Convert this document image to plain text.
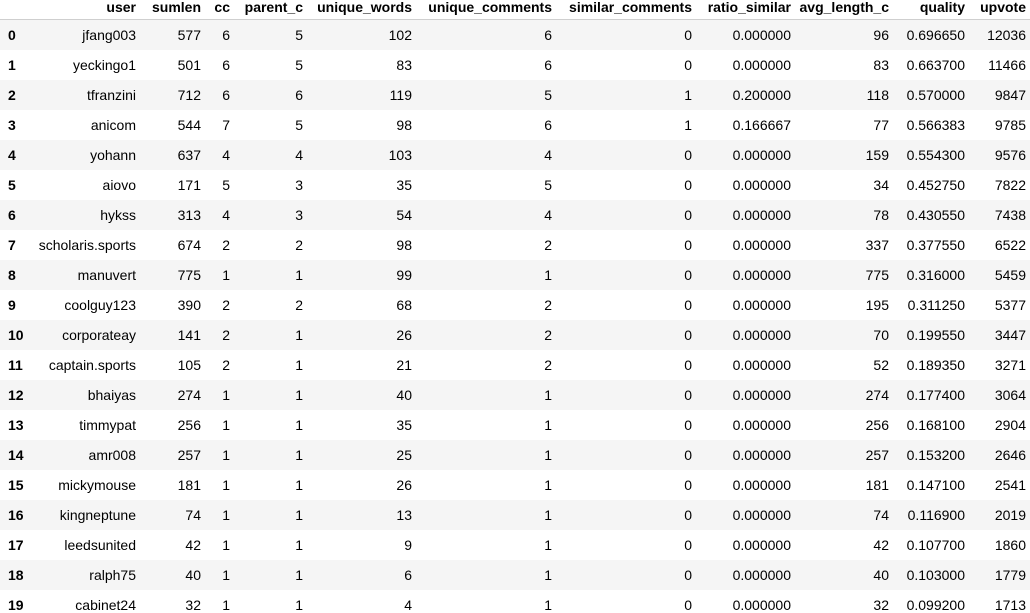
	user	sumlen	cc	parent_c	unique_words	unique_comments	similar_comments	ratio_similar	avg_length_c	quality	upvote
0	jfang003	577	6	5	102	6	0	0.000000	96	0.696650	12036
1	yeckingo1	501	6	5	83	6	0	0.000000	83	0.663700	11466
2	tfranzini	712	6	6	119	5	1	0.200000	118	0.570000	9847
3	anicom	544	7	5	98	6	1	0.166667	77	0.566383	9785
4	yohann	637	4	4	103	4	0	0.000000	159	0.554300	9576
5	aiovo	171	5	3	35	5	0	0.000000	34	0.452750	7822
6	hykss	313	4	3	54	4	0	0.000000	78	0.430550	7438
7	scholaris.sports	674	2	2	98	2	0	0.000000	337	0.377550	6522
8	manuvert	775	1	1	99	1	0	0.000000	775	0.316000	5459
9	coolguy123	390	2	2	68	2	0	0.000000	195	0.311250	5377
10	corporateay	141	2	1	26	2	0	0.000000	70	0.199550	3447
11	captain.sports	105	2	1	21	2	0	0.000000	52	0.189350	3271
12	bhaiyas	274	1	1	40	1	0	0.000000	274	0.177400	3064
13	timmypat	256	1	1	35	1	0	0.000000	256	0.168100	2904
14	amr008	257	1	1	25	1	0	0.000000	257	0.153200	2646
15	mickymouse	181	1	1	26	1	0	0.000000	181	0.147100	2541
16	kingneptune	74	1	1	13	1	0	0.000000	74	0.116900	2019
17	leedsunited	42	1	1	9	1	0	0.000000	42	0.107700	1860
18	ralph75	40	1	1	6	1	0	0.000000	40	0.103000	1779
19	cabinet24	32	1	1	4	1	0	0.000000	32	0.099200	1713
